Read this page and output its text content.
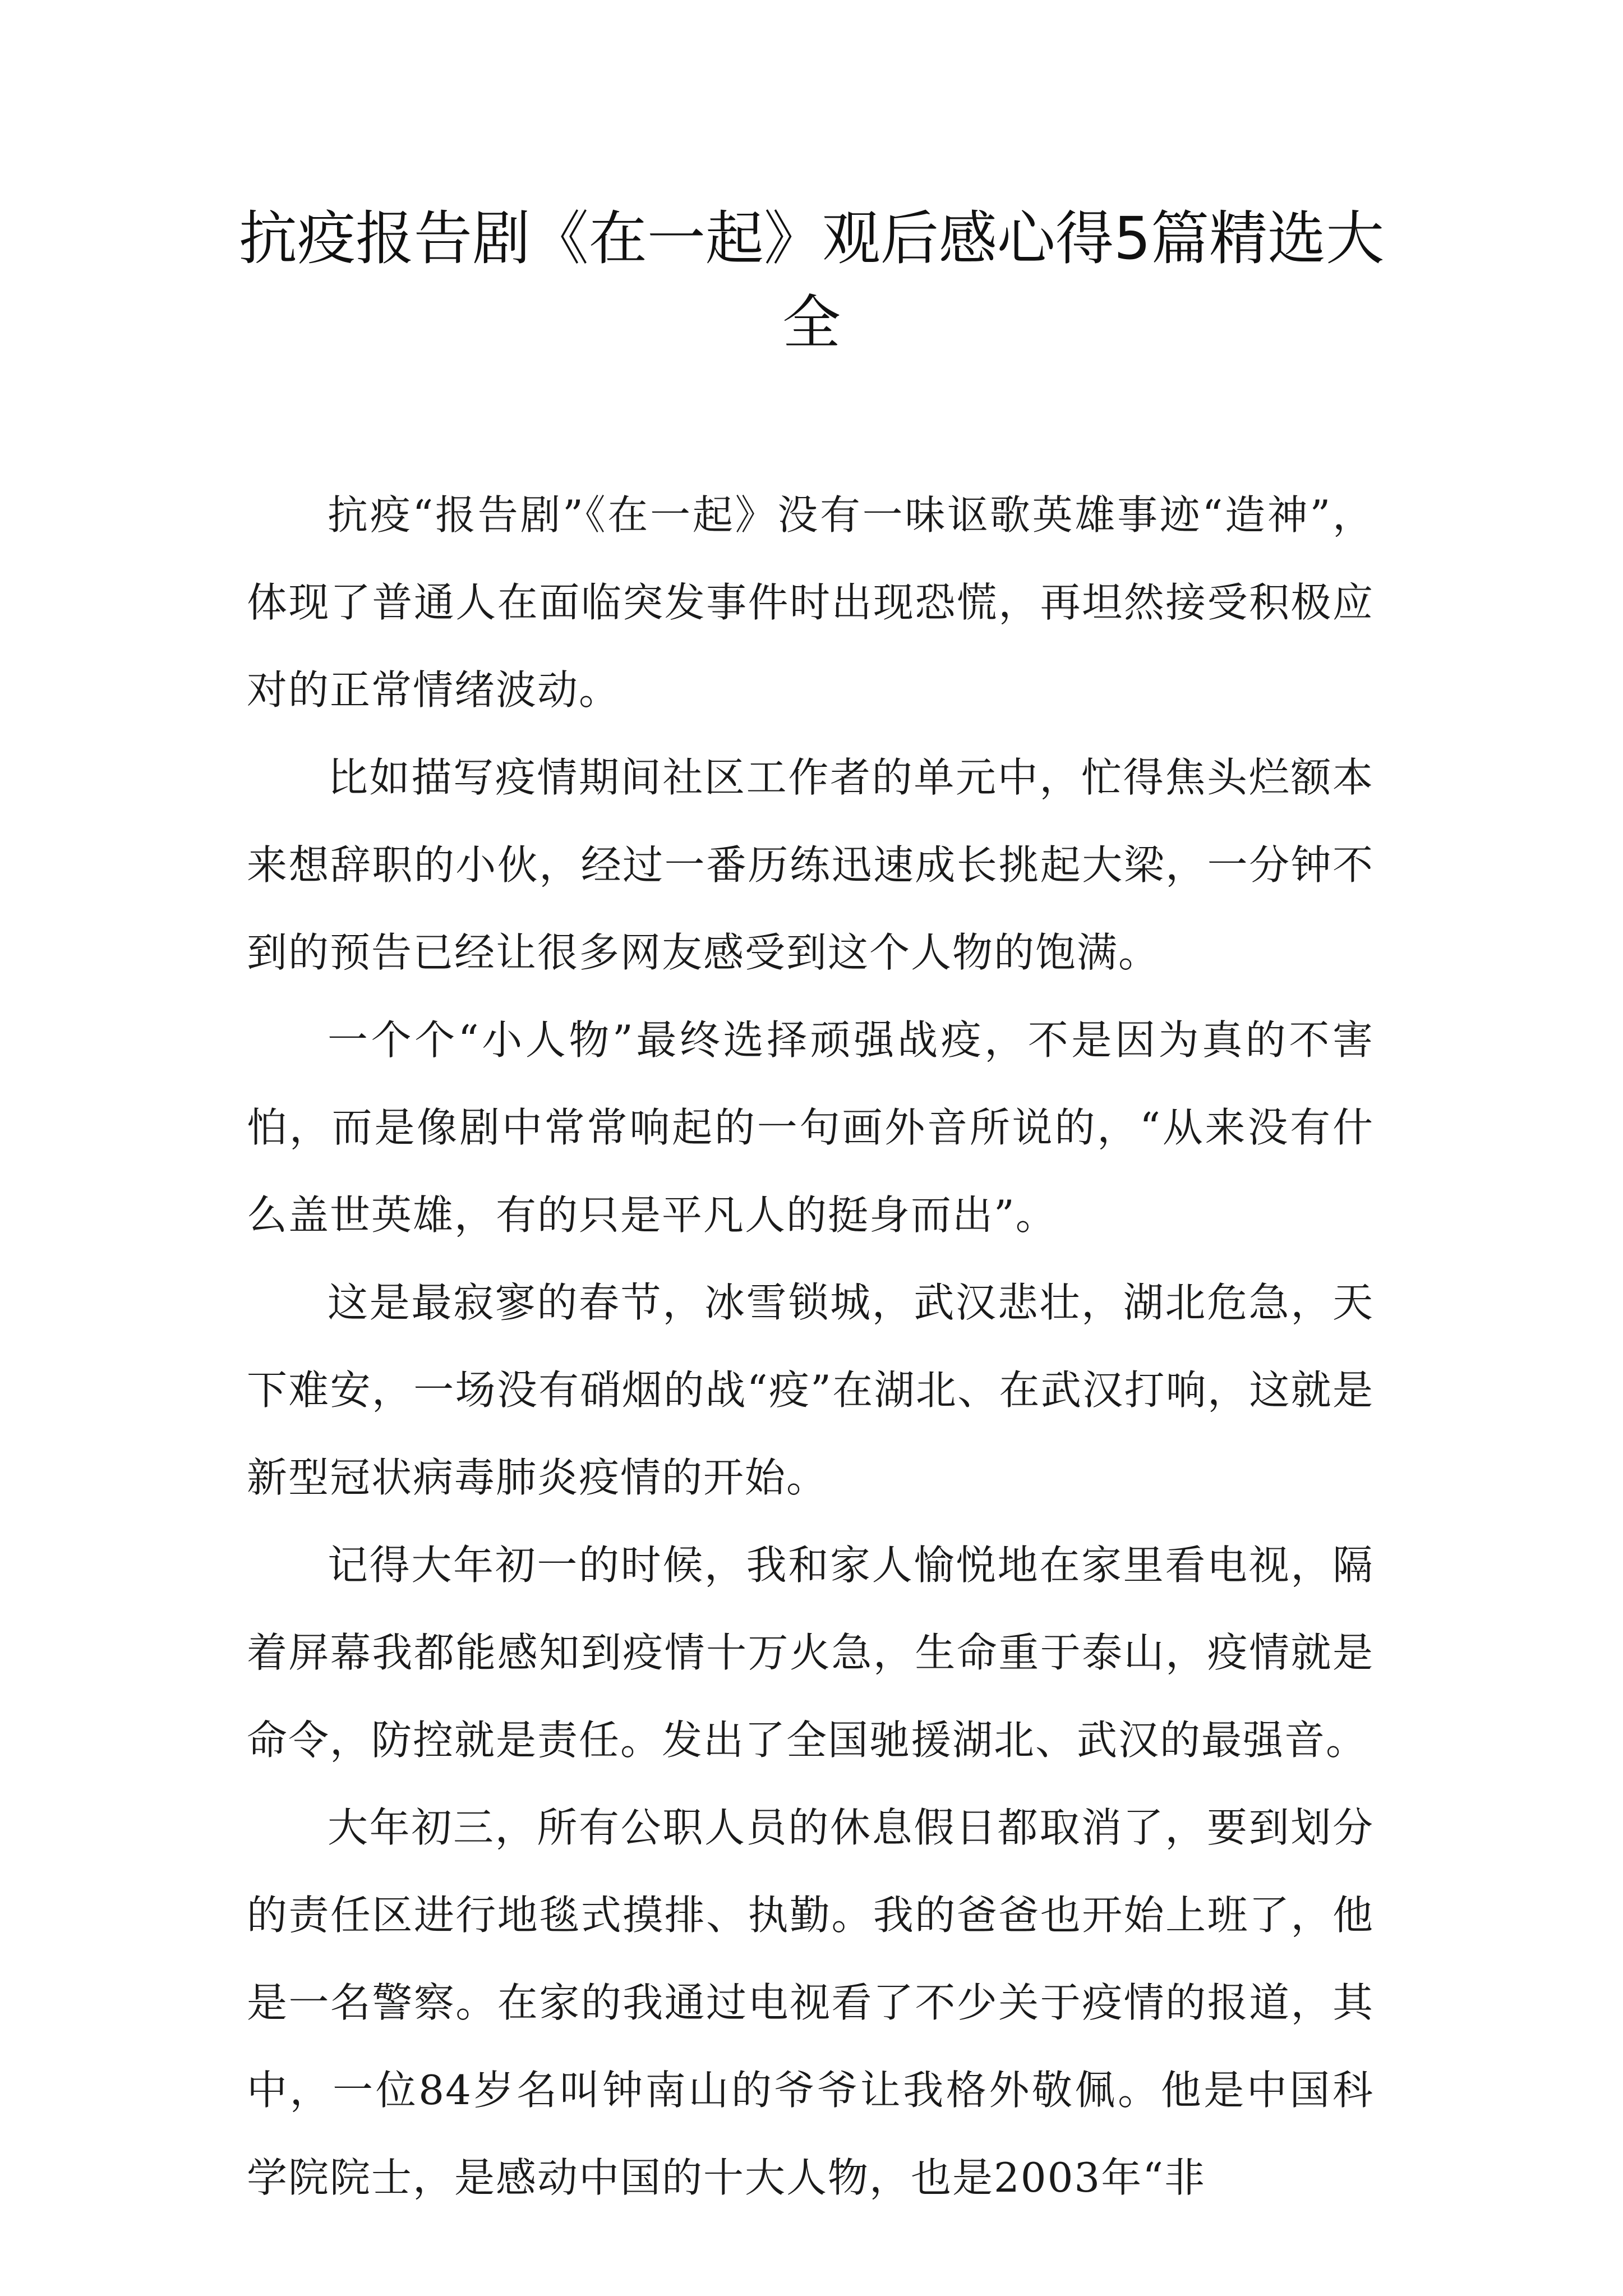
抗疫报告剧《在一起》观后感心得5篇精选大全

抗疫“报告剧”《在一起》没有一味讴歌英雄事迹“造神”，体现了普通人在面临突发事件时出现恐慌，再坦然接受积极应对的正常情绪波动。

比如描写疫情期间社区工作者的单元中，忙得焦头烂额本来想辞职的小伙，经过一番历练迅速成长挑起大梁，一分钟不到的预告已经让很多网友感受到这个人物的饱满。

一个个“小人物”最终选择顽强战疫，不是因为真的不害怕，而是像剧中常常响起的一句画外音所说的，“从来没有什么盖世英雄，有的只是平凡人的挺身而出”。

这是最寂寥的春节，冰雪锁城，武汉悲壮，湖北危急，天下难安，一场没有硝烟的战“疫”在湖北、在武汉打响，这就是新型冠状病毒肺炎疫情的开始。

记得大年初一的时候，我和家人愉悦地在家里看电视，隔着屏幕我都能感知到疫情十万火急，生命重于泰山，疫情就是命令，防控就是责任。发出了全国驰援湖北、武汉的最强音。

大年初三，所有公职人员的休息假日都取消了，要到划分的责任区进行地毯式摸排、执勤。我的爸爸也开始上班了，他是一名警察。在家的我通过电视看了不少关于疫情的报道，其中，一位84岁名叫钟南山的爷爷让我格外敬佩。他是中国科学院院士，是感动中国的十大人物，也是2003年“非
